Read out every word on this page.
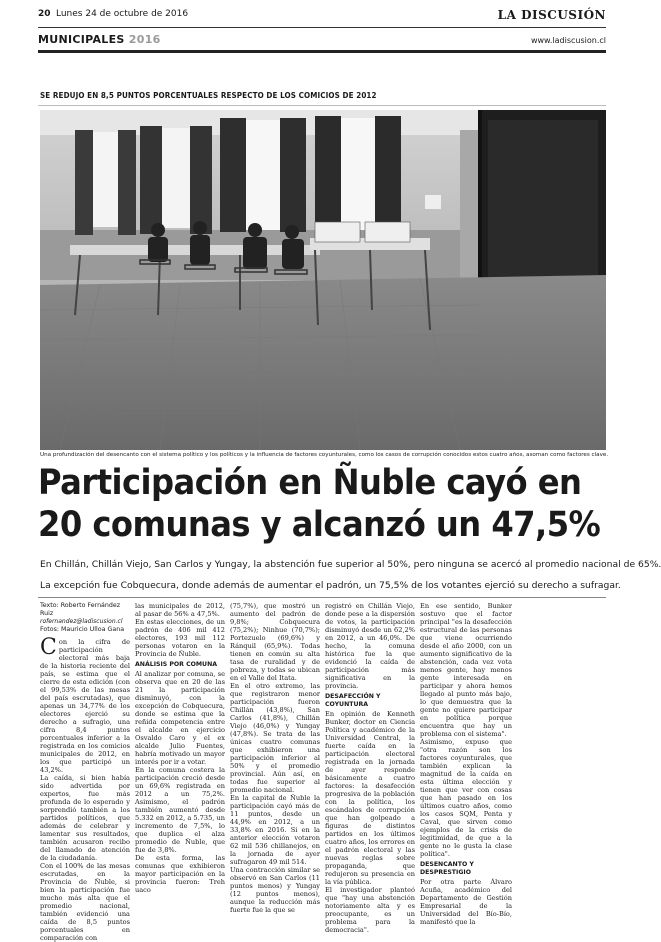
20 Lunes 24 de octubre de 2016	LA DISCUSIÓN
MUNICIPALES 2016	www.ladiscusion.cl
SE REDUJO EN 8,5 PUNTOS PORCENTUALES RESPECTO DE LOS COMICIOS DE 2012
Una profundización del desencanto con el sistema político y los políticos y la influencia de factores coyunturales, como los casos de corrupción conocidos estos cuatro años, asoman como factores clave.
Participación en Ñuble cayó en
20 comunas y alcanzó un 47,5%
En Chillán, Chillán Viejo, San Carlos y Yungay, la abstención fue superior al 50%, pero ninguna se acercó al promedio nacional de 65%.
La excepción fue Cobquecura, donde además de aumentar el padrón, un 75,5% de los votantes ejerció su derecho a sufragar.
Texto: Roberto Fernández Ruiz
rofernandez@ladiscusion.cl
Fotos: Mauricio Ulloa Gana

Con la cifra de participación electoral más baja de la historia reciente del país, se estima que el cierre de esta edición (con el 99,53% de las mesas del país escrutadas), que apenas un 34,77% de los electores ejerció su derecho a sufragio, una cifra 8,4 puntos porcentuales inferior a la registrada en los comicios municipales de 2012, en los que participó un 43,2%.

La caída, si bien había sido advertida por expertos, fue más profunda de lo esperado y sorprendió también a los partidos políticos, que además de celebrar y lamentar sus resultados, también acusaron recibo del llamado de atención de la ciudadanía.

Con el 100% de las mesas escrutadas, en la Provincia de Ñuble, si bien la participación fue mucho más alta que el promedio nacional, también evidenció una caída de 8,5 puntos porcentuales en comparación con

las municipales de 2012, al pasar de 56% a 47,5%.

En estas elecciones, de un padrón de 406 mil 412 electores, 193 mil 112 personas votaron en la Provincia de Ñuble.

ANÁLISIS POR COMUNA

Al analizar por comuna, se observa que en 20 de las 21 la participación disminuyó, con la excepción de Cobquecura, donde se estima que la reñida competencia entre el alcalde en ejercicio Osvaldo Caro y el ex alcalde Julio Fuentes, habría motivado un mayor interés por ir a votar.

En la comuna costera la participación creció desde un 69,6% registrada en 2012 a un 75,2%. Asimismo, el padrón también aumentó desde 5.332 en 2012, a 5.735, un incremento de 7,5%, lo que duplica el alza promedio de Ñuble, que fue de 3,8%.

De esta forma, las comunas que exhibieron mayor participación en la provincia fueron: Treh uaco

(75,7%), que mostró un aumento del padrón de 9,8%; Cobquecura (75,2%); Ninhue (70,7%); Portezuelo (69,6%) y Ránquil (65,9%). Todas tienen en común su alta tasa de ruralidad y de pobreza, y todas se ubican en el Valle del Itata.

En el otro extremo, las que registraron menor participación fueron Chillán (43,8%), San Carlos (41,8%), Chillán Viejo (46,0%) y Yungay (47,8%). Se trata de las únicas cuatro comunas que exhibieron una participación inferior al 50% y el promedio provincial. Aún así, en todas fue superior al promedio nacional.

En la capital de Ñuble la participación cayó más de 11 puntos, desde un 44,9% en 2012, a un 33,8% en 2016. Si en la anterior elección votaron 62 mil 536 chillanejos, en la jornada de ayer sufragaron 49 mil 514.

Una contracción similar se observó en San Carlos (11 puntos menos) y Yungay (12 puntos menos), aunque la reducción más fuerte fue la que se

registró en Chillán Viejo, donde pese a la dispersión de votos, la participación disminuyó desde un 62,2% en 2012, a un 46,0%. De hecho, la comuna histórica fue la que evidenció la caída de participación más significativa en la provincia.

DESAFECCIÓN Y COYUNTURA

En opinión de Kenneth Bunker, doctor en Ciencia Política y académico de la Universidad Central, la fuerte caída en la participación electoral registrada en la jornada de ayer responde básicamente a cuatro factores: la desafección progresiva de la población con la política, los escándalos de corrupción que han golpeado a figuras de distintos partidos en los últimos cuatro años, los errores en el padrón electoral y las nuevas reglas sobre propaganda, que redujeron su presencia en la vía pública.

El investigador planteó que "hay una abstención notoriamente alta y es preocupante, es un problema para la democracia".

En ese sentido, Bunker sostuvo que el factor principal "es la desafección estructural de las personas que viene ocurriendo desde el año 2000, con un aumento significativo de la abstención, cada vez vota menos gente, hay menos gente interesada en participar y ahora hemos llegado al punto más bajo, lo que demuestra que la gente no quiere participar en política porque encuentra que hay un problema con el sistema".

Asimismo, expuso que "otra razón son los factores coyunturales, que también explican la magnitud de la caída en esta última elección y tienen que ver con cosas que han pasado en los últimos cuatro años, como los casos SQM, Penta y Caval, que sirven como ejemplos de la crisis de legitimidad, de que a la gente no le gusta la clase política".

DESENCANTO Y DESPRESTIGIO

Por otra parte Álvaro Acuña, académico del Departamento de Gestión Empresarial de la Universidad del Bío-Bío, manifestó que la
